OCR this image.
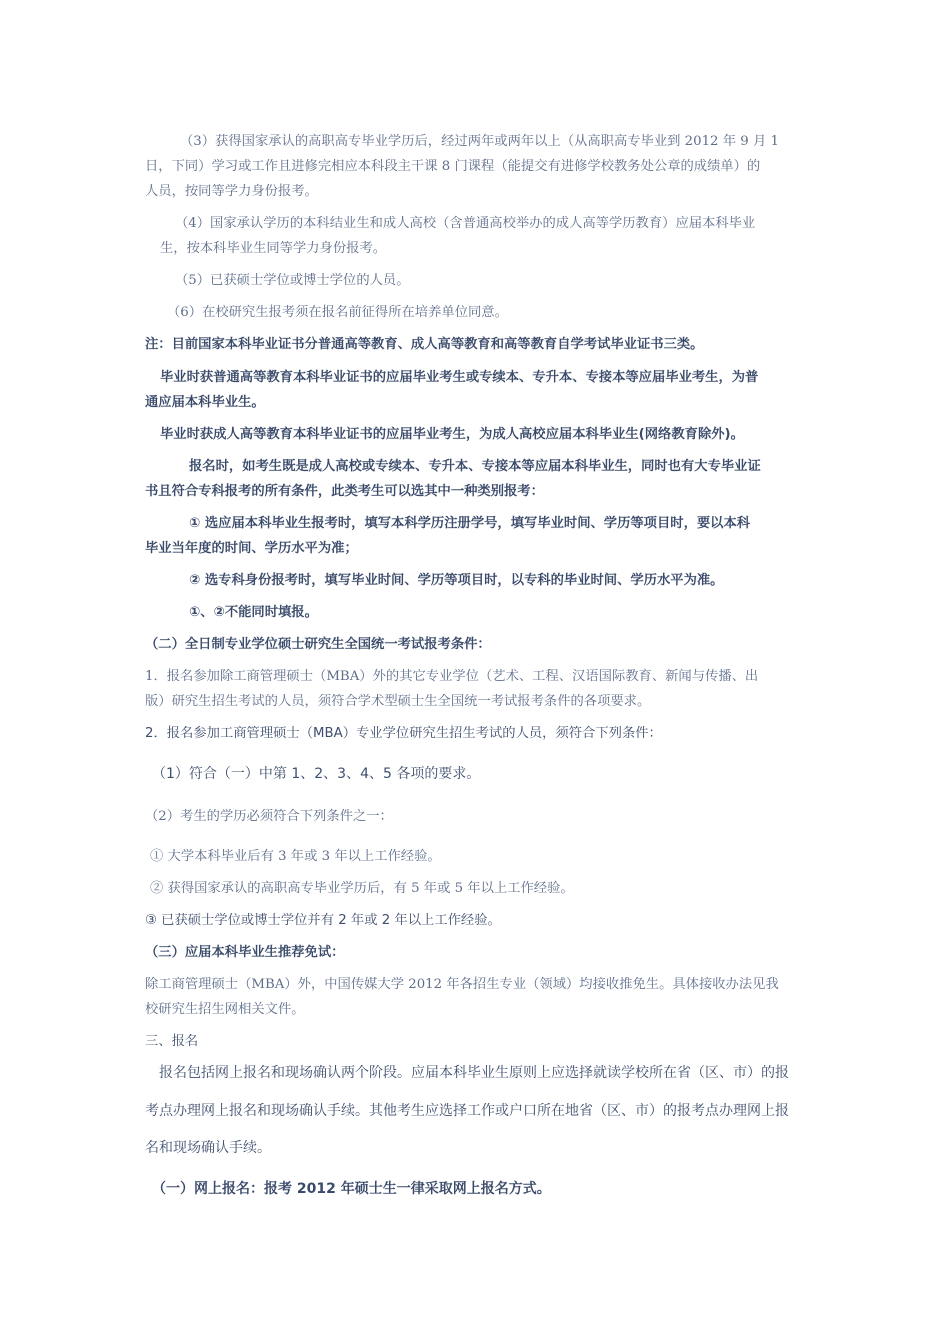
（3）获得国家承认的高职高专毕业学历后，经过两年或两年以上（从高职高专毕业到 2012 年 9 月 1
日，下同）学习或工作且进修完相应本科段主干课 8 门课程（能提交有进修学校教务处公章的成绩单）的
人员，按同等学力身份报考。
（4）国家承认学历的本科结业生和成人高校（含普通高校举办的成人高等学历教育）应届本科毕业
生，按本科毕业生同等学力身份报考。
（5）已获硕士学位或博士学位的人员。
（6）在校研究生报考须在报名前征得所在培养单位同意。
注：目前国家本科毕业证书分普通高等教育、成人高等教育和高等教育自学考试毕业证书三类。
毕业时获普通高等教育本科毕业证书的应届毕业考生或专续本、专升本、专接本等应届毕业考生，为普
通应届本科毕业生。
毕业时获成人高等教育本科毕业证书的应届毕业考生，为成人高校应届本科毕业生(网络教育除外)。
报名时，如考生既是成人高校或专续本、专升本、专接本等应届本科毕业生，同时也有大专毕业证
书且符合专科报考的所有条件，此类考生可以选其中一种类别报考：
① 选应届本科毕业生报考时，填写本科学历注册学号，填写毕业时间、学历等项目时，要以本科
毕业当年度的时间、学历水平为准；
② 选专科身份报考时，填写毕业时间、学历等项目时，以专科的毕业时间、学历水平为准。
①、②不能同时填报。
（二）全日制专业学位硕士研究生全国统一考试报考条件：
1．报名参加除工商管理硕士（MBA）外的其它专业学位（艺术、工程、汉语国际教育、新闻与传播、出
版）研究生招生考试的人员，须符合学术型硕士生全国统一考试报考条件的各项要求。
2．报名参加工商管理硕士（MBA）专业学位研究生招生考试的人员，须符合下列条件：
（1）符合（一）中第 1、2、3、4、5 各项的要求。
（2）考生的学历必须符合下列条件之一：
① 大学本科毕业后有 3 年或 3 年以上工作经验。
② 获得国家承认的高职高专毕业学历后，有 5 年或 5 年以上工作经验。
③ 已获硕士学位或博士学位并有 2 年或 2 年以上工作经验。
（三）应届本科毕业生推荐免试：
除工商管理硕士（MBA）外，中国传媒大学 2012 年各招生专业（领域）均接收推免生。具体接收办法见我
校研究生招生网相关文件。
三、报名
报名包括网上报名和现场确认两个阶段。应届本科毕业生原则上应选择就读学校所在省（区、市）的报
考点办理网上报名和现场确认手续。其他考生应选择工作或户口所在地省（区、市）的报考点办理网上报
名和现场确认手续。
（一）网上报名：报考 2012 年硕士生一律采取网上报名方式。
